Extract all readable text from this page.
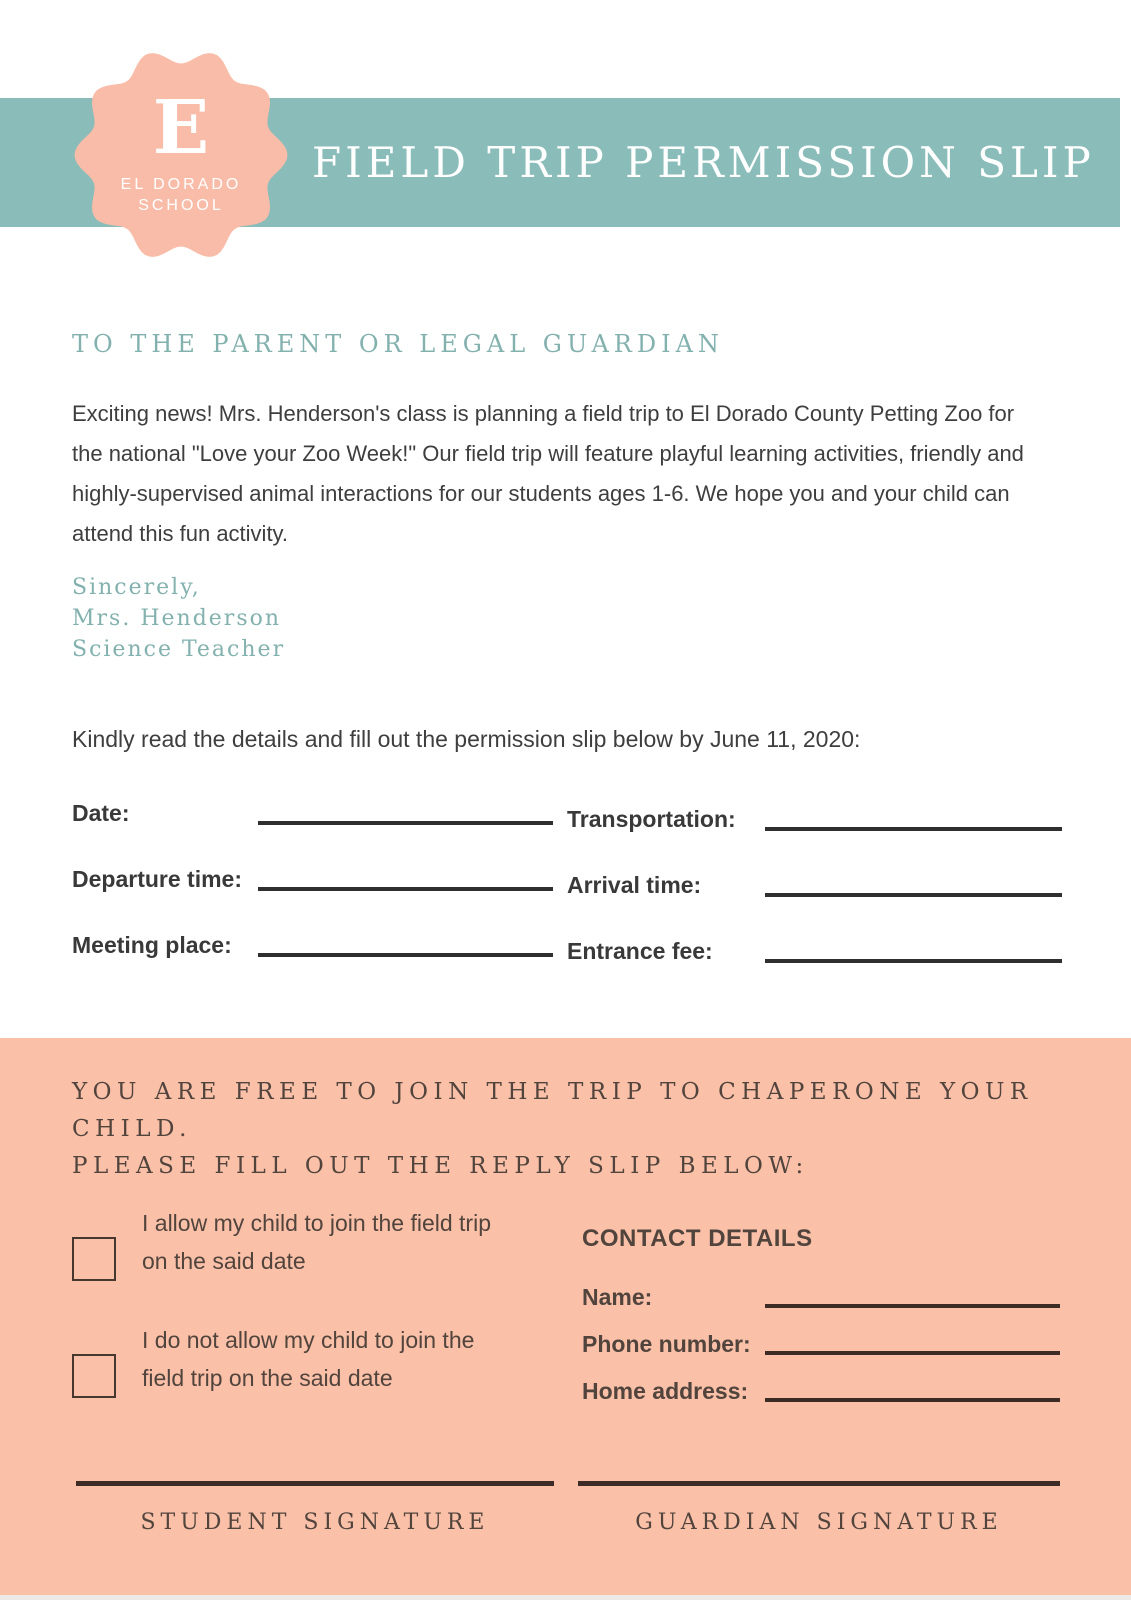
FIELD TRIP PERMISSION SLIP
E
EL DORADO
SCHOOL
TO THE PARENT OR LEGAL GUARDIAN
Exciting news! Mrs. Henderson's class is planning a field trip to El Dorado County Petting Zoo for the national "Love your Zoo Week!" Our field trip will feature playful learning activities, friendly and highly-supervised animal interactions for our students ages 1-6. We hope you and your child can attend this fun activity.
Sincerely,
Mrs. Henderson
Science Teacher
Kindly read the details and fill out the permission slip below by June 11, 2020:
Date:
Departure time:
Meeting place:
Transportation:
Arrival time:
Entrance fee:
YOU ARE FREE TO JOIN THE TRIP TO CHAPERONE YOUR CHILD.
PLEASE FILL OUT THE REPLY SLIP BELOW:
I allow my child to join the field trip on the said date
I do not allow my child to join the field trip on the said date
CONTACT DETAILS
Name:
Phone number:
Home address:
STUDENT SIGNATURE	GUARDIAN SIGNATURE
